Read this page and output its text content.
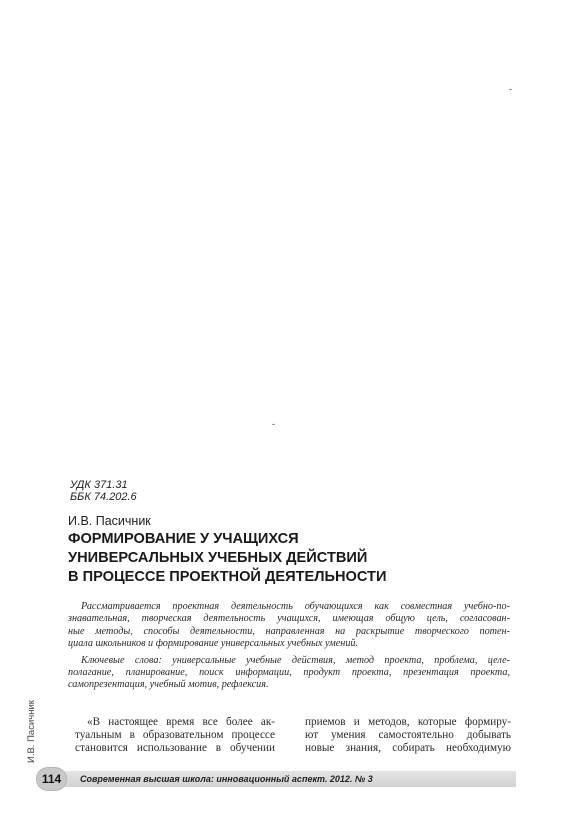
-
-
УДК 371.31
ББК 74.202.6
И.В. Пасичник
ФОРМИРОВАНИЕ У УЧАЩИХСЯ
УНИВЕРСАЛЬНЫХ УЧЕБНЫХ ДЕЙСТВИЙ
В ПРОЦЕССЕ ПРОЕКТНОЙ ДЕЯТЕЛЬНОСТИ
Рассматривается проектная деятельность обучающихся как совместная учебно-по-
знавательная, творческая деятельность учащихся, имеющая общую цель, согласован-
ные методы, способы деятельности, направленная на раскрытие творческого потен-
циала школьников и формирование универсальных учебных умений.
Ключевые слова: универсальные учебные действия, метод проекта, проблема, целе-
полагание, планирование, поиск информации, продукт проекта, презентация проекта,
самопрезентация, учебный мотив, рефлексия.
«В настоящее время все более ак-
туальным в образовательном процессе
становится использование в обучении
приемов и методов, которые формиру-
ют умения самостоятельно добывать
новые знания, собирать необходимую
И.В. Пасичник
114	Современная высшая школа: инновационный аспект. 2012. № 3
